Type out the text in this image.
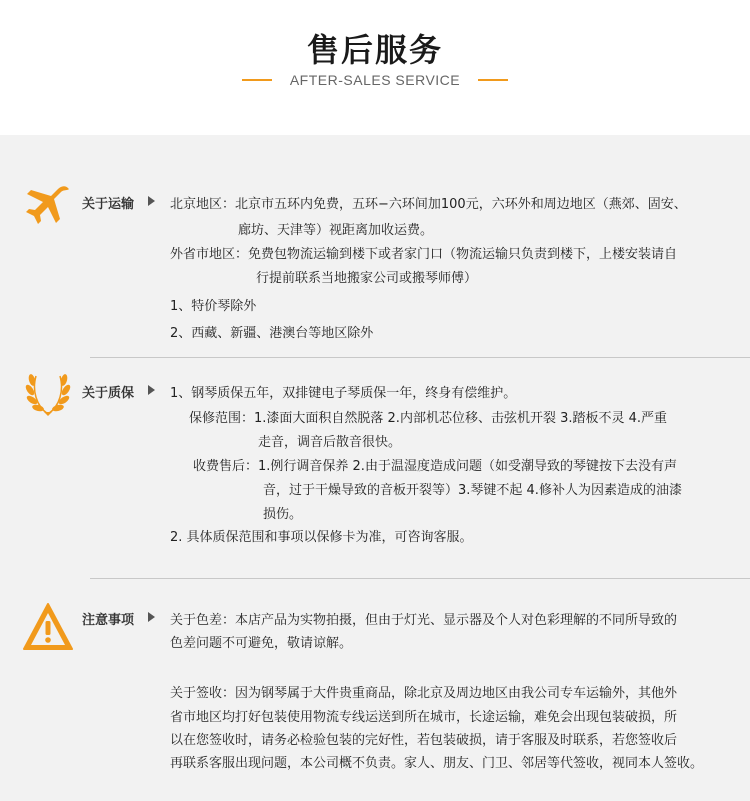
售后服务
AFTER-SALES SERVICE
关于运输	北京地区：北京市五环内免费，五环−六环间加100元，六环外和周边地区（燕郊、固安、
廊坊、天津等）视距离加收运费。
外省市地区：免费包物流运输到楼下或者家门口（物流运输只负责到楼下，上楼安装请自
行提前联系当地搬家公司或搬琴师傅）
1、特价琴除外
2、西藏、新疆、港澳台等地区除外
关于质保	1、钢琴质保五年，双排键电子琴质保一年，终身有偿维护。
保修范围：1.漆面大面积自然脱落 2.内部机芯位移、击弦机开裂 3.踏板不灵 4.严重
走音，调音后散音很快。
收费售后：1.例行调音保养 2.由于温湿度造成问题（如受潮导致的琴键按下去没有声
音，过于干燥导致的音板开裂等）3.琴键不起 4.修补人为因素造成的油漆
损伤。
2. 具体质保范围和事项以保修卡为准，可咨询客服。
注意事项	关于色差：本店产品为实物拍摄，但由于灯光、显示器及个人对色彩理解的不同所导致的
色差问题不可避免，敬请谅解。
关于签收：因为钢琴属于大件贵重商品，除北京及周边地区由我公司专车运输外，其他外
省市地区均打好包装使用物流专线运送到所在城市，长途运输，难免会出现包装破损，所
以在您签收时，请务必检验包装的完好性，若包装破损，请于客服及时联系，若您签收后
再联系客服出现问题，本公司概不负责。家人、朋友、门卫、邻居等代签收，视同本人签收。
